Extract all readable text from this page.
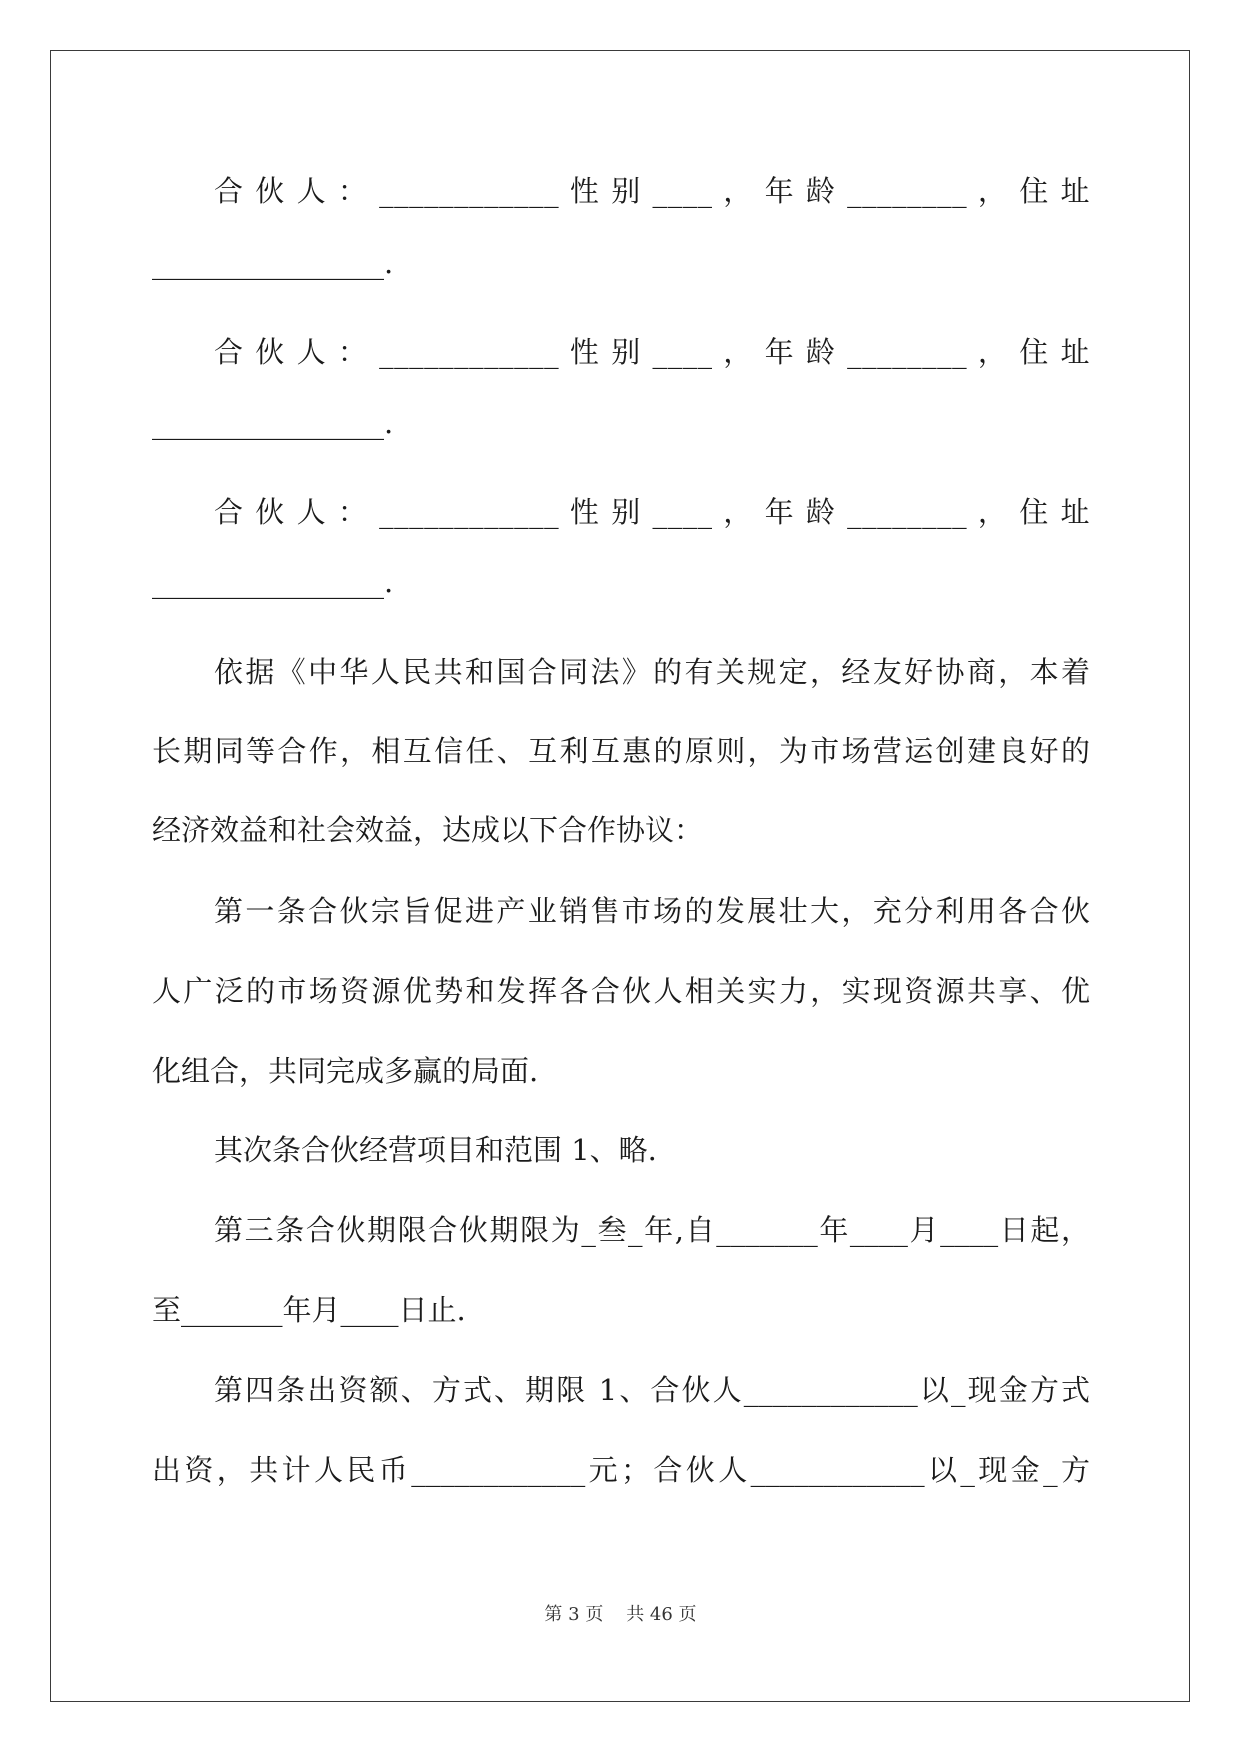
合 伙 人 ： ____________ 性 别 ____ ， 年 龄 ________ ， 住 址
________________.
合 伙 人 ： ____________ 性 别 ____ ， 年 龄 ________ ， 住 址
________________.
合 伙 人 ： ____________ 性 别 ____ ， 年 龄 ________ ， 住 址
________________.
依据《中华人民共和国合同法》的有关规定，经友好协商，本着
长期同等合作，相互信任、互利互惠的原则，为市场营运创建良好的
经济效益和社会效益，达成以下合作协议：
第一条合伙宗旨促进产业销售市场的发展壮大，充分利用各合伙
人广泛的市场资源优势和发挥各合伙人相关实力，实现资源共享、优
化组合，共同完成多赢的局面.
其次条合伙经营项目和范围 1、略.
第三条合伙期限合伙期限为_叁_年,自_______年____月____日起，
至_______年月____日止.
第四条出资额、方式、期限 1、合伙人____________以_现金方式
出资，共计人民币____________元；合伙人____________以_现金_方
第 3 页    共 46 页
